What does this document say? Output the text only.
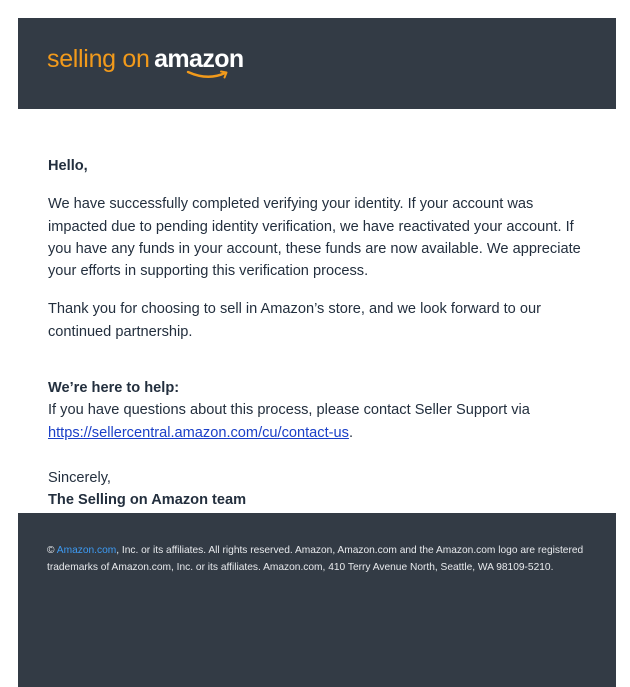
selling on amazon

Hello,

We have successfully completed verifying your identity. If your account was impacted due to pending identity verification, we have reactivated your account. If you have any funds in your account, these funds are now available. We appreciate your efforts in supporting this verification process.

Thank you for choosing to sell in Amazon’s store, and we look forward to our continued partnership.

We’re here to help:

If you have questions about this process, please contact Seller Support via
https://sellercentral.amazon.com/cu/contact-us.

Sincerely,

The Selling on Amazon team

© Amazon.com, Inc. or its affiliates. All rights reserved. Amazon, Amazon.com and the Amazon.com logo are registered trademarks of Amazon.com, Inc. or its affiliates. Amazon.com, 410 Terry Avenue North, Seattle, WA 98109-5210.
